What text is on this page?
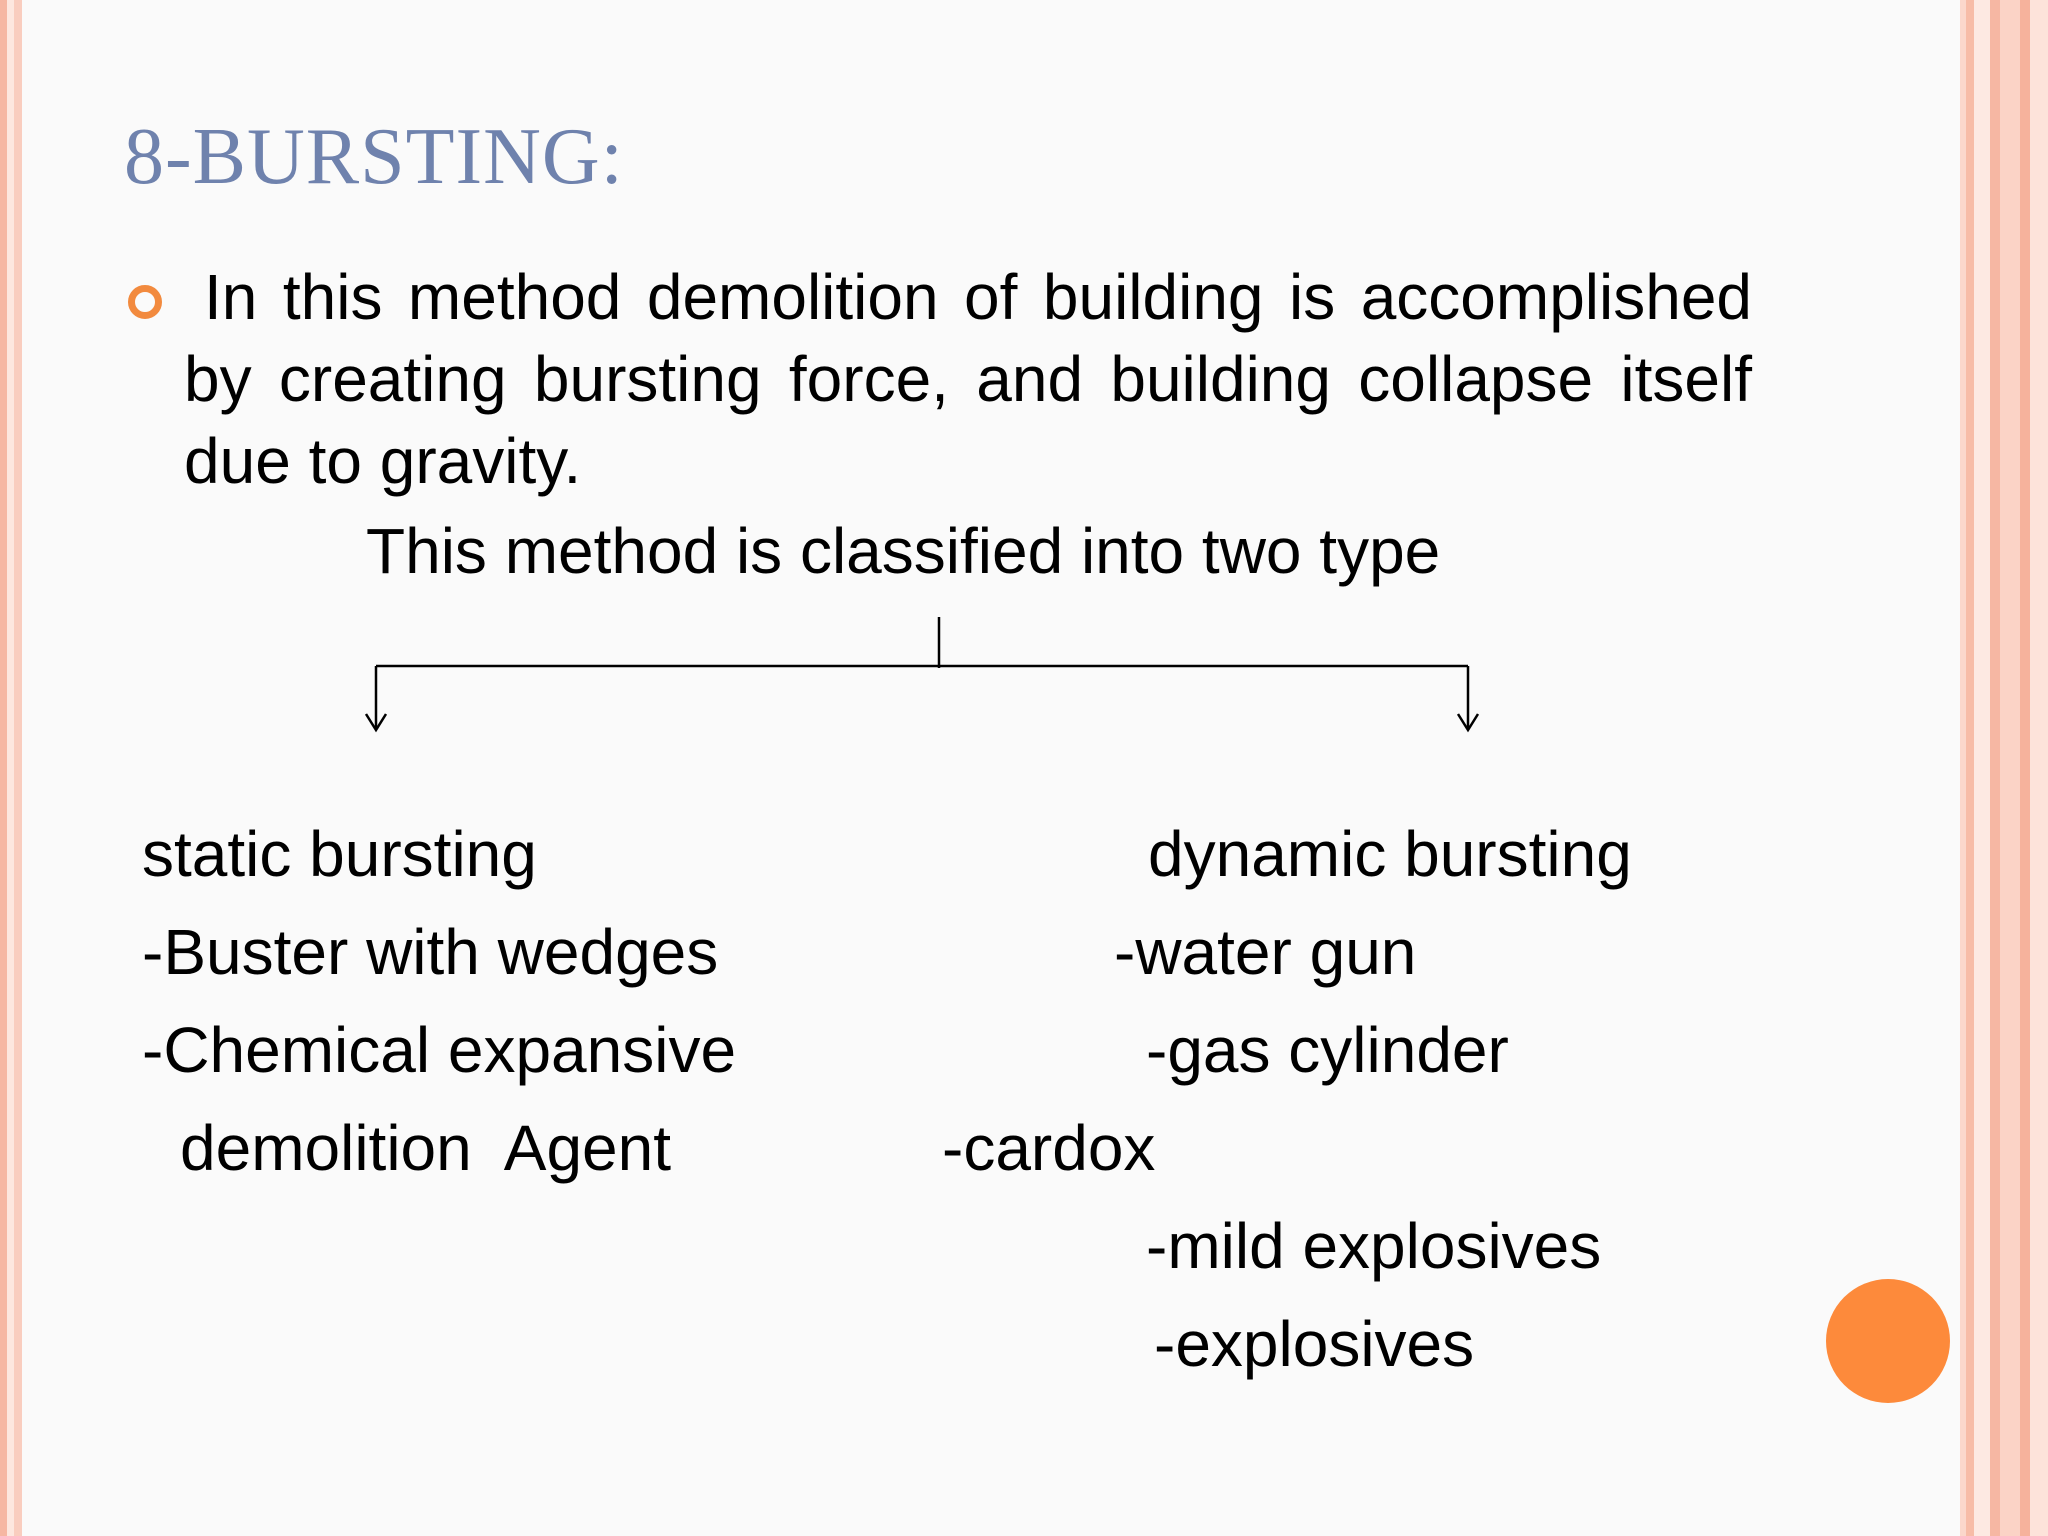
8-BURSTING:
In this method demolition of building is accomplished by creating bursting force, and building collapse itself due to gravity.
This method is classified into two type
static bursting
-Buster with wedges
-Chemical expansive
demolition  Agent
dynamic bursting
-water gun
-gas cylinder
-cardox
-mild explosives
-explosives
